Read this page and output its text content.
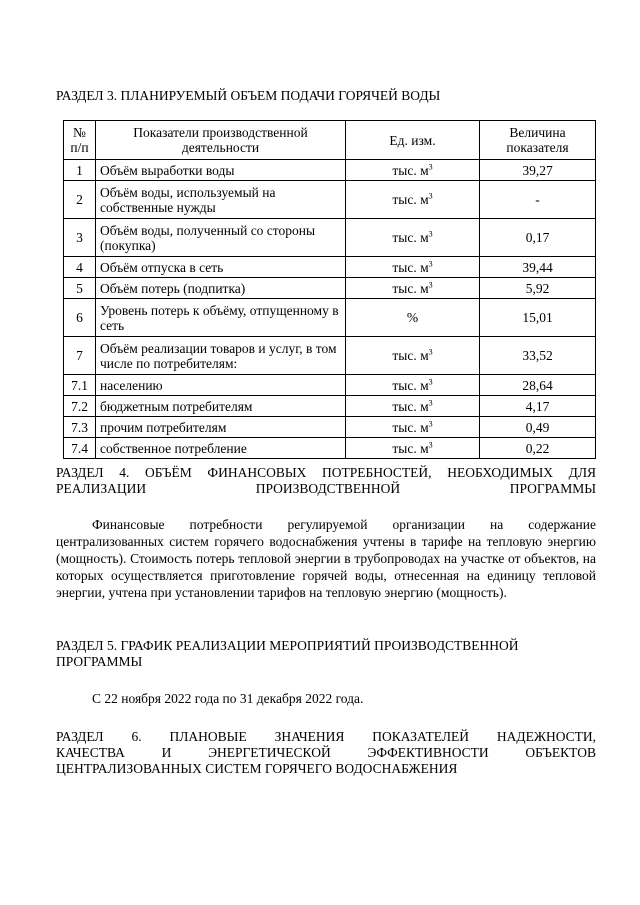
РАЗДЕЛ 3. ПЛАНИРУЕМЫЙ ОБЪЕМ ПОДАЧИ ГОРЯЧЕЙ ВОДЫ
№ п/п	Показатели производственной деятельности	Ед. изм.	Величина показателя
1	Объём выработки воды	тыс. $м^3$	39,27
2	Объём воды, используемый на собственные нужды	тыс. $м^3$	-
3	Объём воды, полученный со стороны (покупка)	тыс. $м^3$	0,17
4	Объём отпуска в сеть	тыс. $м^3$	39,44
5	Объём потерь (подпитка)	тыс. $м^3$	5,92
6	Уровень потерь к объёму, отпущенному в сеть	%	15,01
7	Объём реализации товаров и услуг, в том числе по потребителям:	тыс. $м^3$	33,52
7.1	населению	тыс. $м^3$	28,64
7.2	бюджетным потребителям	тыс. $м^3$	4,17
7.3	прочим потребителям	тыс. $м^3$	0,49
7.4	собственное потребление	тыс. $м^3$	0,22
РАЗДЕЛ 4. ОБЪЁМ ФИНАНСОВЫХ ПОТРЕБНОСТЕЙ, НЕОБХОДИМЫХ ДЛЯ РЕАЛИЗАЦИИ ПРОИЗВОДСТВЕННОЙ ПРОГРАММЫ

Финансовые потребности регулируемой организации на содержание централизованных систем горячего водоснабжения учтены в тарифе на тепловую энергию (мощность). Стоимость потерь тепловой энергии в трубопроводах на участке от объектов, на которых осуществляется приготовление горячей воды, отнесенная на единицу тепловой энергии, учтена при установлении тарифов на тепловую энергию (мощность).

РАЗДЕЛ 5. ГРАФИК РЕАЛИЗАЦИИ МЕРОПРИЯТИЙ ПРОИЗВОДСТВЕННОЙ ПРОГРАММЫ

С 22 ноября 2022 года по 31 декабря 2022 года.

РАЗДЕЛ 6. ПЛАНОВЫЕ ЗНАЧЕНИЯ ПОКАЗАТЕЛЕЙ НАДЕЖНОСТИ,
КАЧЕСТВА И ЭНЕРГЕТИЧЕСКОЙ ЭФФЕКТИВНОСТИ ОБЪЕКТОВ
ЦЕНТРАЛИЗОВАННЫХ СИСТЕМ ГОРЯЧЕГО ВОДОСНАБЖЕНИЯ
